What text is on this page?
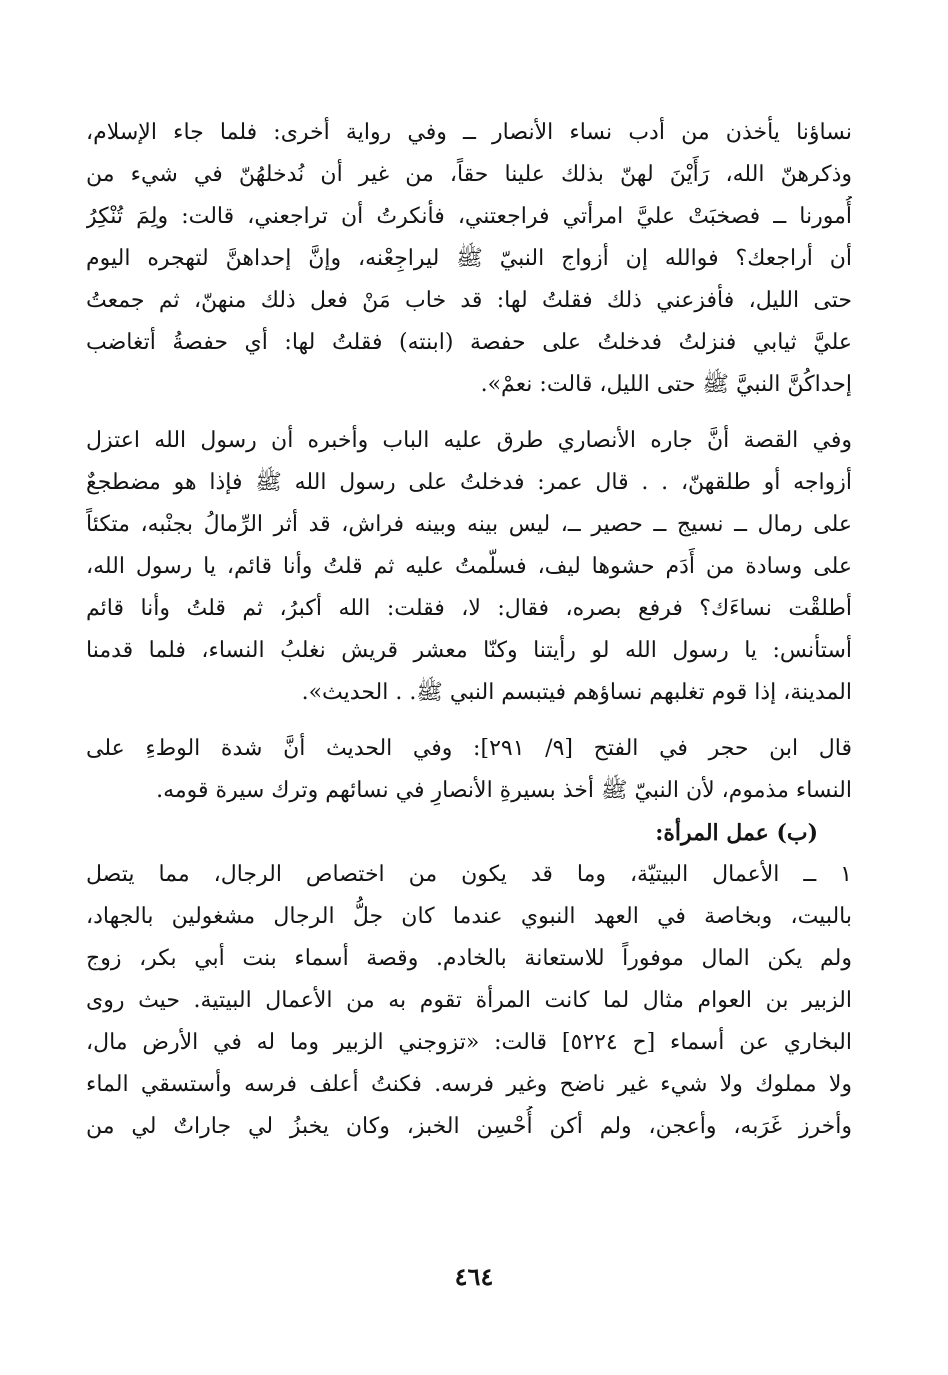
نساؤنا يأخذن من أدب نساء الأنصار ــ وفي رواية أخرى: فلما جاء الإسلام،
وذكرهنّ الله، رَأَيْنَ لهنّ بذلك علينا حقاً، من غير أن نُدخلهُنّ في شيء من
أُمورنا ــ فصخبَتْ عليَّ امرأتي فراجعتني، فأنكرتُ أن تراجعني، قالت: ولِمَ تُنْكِرُ
أن أراجعك؟ فوالله إن أزواج النبيّ ﷺ ليراجِعْنه، وإنَّ إحداهنَّ لتهجره اليوم
حتى الليل، فأفزعني ذلك فقلتُ لها: قد خاب مَنْ فعل ذلك منهنّ، ثم جمعتُ
عليَّ ثيابي فنزلتُ فدخلتُ على حفصة (ابنته) فقلتُ لها: أي حفصةُ أتغاضب
إحداكُنَّ النبيَّ ﷺ حتى الليل، قالت: نعمْ».
وفي القصة أنَّ جاره الأنصاري طرق عليه الباب وأخبره أن رسول الله اعتزل
أزواجه أو طلقهنّ، . . قال عمر: فدخلتُ على رسول الله ﷺ فإذا هو مضطجعٌ
على رمال ــ نسيج ــ حصير ــ، ليس بينه وبينه فراش، قد أثر الرِّمالُ بجنْبه، متكئاً
على وسادة من أَدَم حشوها ليف، فسلّمتُ عليه ثم قلتُ وأنا قائم، يا رسول الله،
أطلقْت نساءَك؟ فرفع بصره، فقال: لا، فقلت: الله أكبرُ، ثم قلتُ وأنا قائم
أستأنس: يا رسول الله لو رأيتنا وكنّا معشر قريش نغلبُ النساء، فلما قدمنا
المدينة، إذا قوم تغلبهم نساؤهم فيتبسم النبي ﷺ. . الحديث».
قال ابن حجر في الفتح [٩/ ٢٩١]: وفي الحديث أنَّ شدة الوطءِ على
النساء مذموم، لأن النبيّ ﷺ أخذ بسيرةِ الأنصارِ في نسائهم وترك سيرة قومه.
(ب) عمل المرأة:
١ ــ الأعمال البيتيّة، وما قد يكون من اختصاص الرجال، مما يتصل
بالبيت، وبخاصة في العهد النبوي عندما كان جلُّ الرجال مشغولين بالجهاد،
ولم يكن المال موفوراً للاستعانة بالخادم. وقصة أسماء بنت أبي بكر، زوج
الزبير بن العوام مثال لما كانت المرأة تقوم به من الأعمال البيتية. حيث روى
البخاري عن أسماء [ح ٥٢٢٤] قالت: «تزوجني الزبير وما له في الأرض مال،
ولا مملوك ولا شيء غير ناضح وغير فرسه. فكنتُ أعلف فرسه وأستسقي الماء
وأخرز غَرَبه، وأعجن، ولم أكن أُحْسِن الخبز، وكان يخبزُ لي جاراتٌ لي من
٤٦٤
